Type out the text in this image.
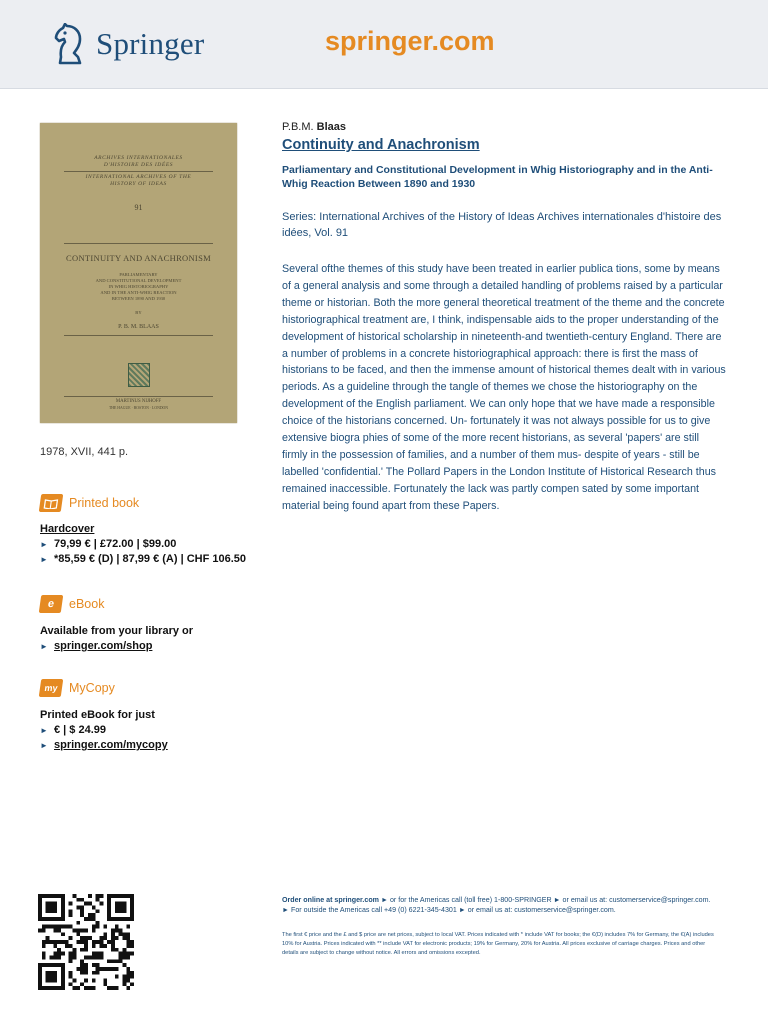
Springer	springer.com
ARCHIVES INTERNATIONALES
D'HISTOIRE DES IDÉES
INTERNATIONAL ARCHIVES OF THE
HISTORY OF IDEAS
91
CONTINUITY AND ANACHRONISM
PARLIAMENTARY
AND CONSTITUTIONAL DEVELOPMENT
IN WHIG HISTORIOGRAPHY
AND IN THE ANTI-WHIG REACTION
BETWEEN 1890 AND 1930
BY
P. B. M. BLAAS
MARTINUS NIJHOFF
THE HAGUE · BOSTON · LONDON
1978, XVII, 441 p.
Printed book
Hardcover
► 79,99 € | £72.00 | $99.00
► *85,59 € (D) | 87,99 € (A) | CHF 106.50
e	eBook
Available from your library or
► springer.com/shop
my MyCopy
Printed eBook for just
► € | $ 24.99
► springer.com/mycopy
P.B.M. Blaas
Continuity and Anachronism
Parliamentary and Constitutional Development in Whig Historiography and in the Anti-Whig Reaction Between 1890 and 1930
Series: International Archives of the History of Ideas Archives internationales d'histoire des idées, Vol. 91
Several ofthe themes of this study have been treated in earlier publica tions, some by means of a general analysis and some through a detailed handling of problems raised by a particular theme or historian. Both the more general theoretical treatment of the theme and the concrete historiographical treatment are, I think, indispensable aids to the proper understanding of the development of historical scholarship in nineteenth-and twentieth-century England. There are a number of problems in a concrete historiographical approach: there is first the mass of historians to be faced, and then the immense amount of historical themes dealt with in various periods. As a guideline through the tangle of themes we chose the historiography on the development of the English parliament. We can only hope that we have made a responsible choice of the historians concerned. Un- fortunately it was not always possible for us to give extensive biogra phies of some of the more recent historians, as several 'papers' are still firmly in the possession of families, and a number of them mus- despite of years - still be labelled 'confidential.' The Pollard Papers in the London Institute of Historical Research thus remained inaccessible. Fortunately the lack was partly compen sated by some important material being found apart from these Papers.
Order online at springer.com ► or for the Americas call (toll free) 1-800-SPRINGER ► or email us at: customerservice@springer.com. ► For outside the Americas call +49 (0) 6221-345-4301 ► or email us at: customerservice@springer.com.
The first € price and the £ and $ price are net prices, subject to local VAT. Prices indicated with * include VAT for books; the €(D) includes 7% for Germany, the €(A) includes 10% for Austria. Prices indicated with ** include VAT for electronic products; 19% for Germany, 20% for Austria. All prices exclusive of carriage charges. Prices and other details are subject to change without notice. All errors and omissions excepted.
